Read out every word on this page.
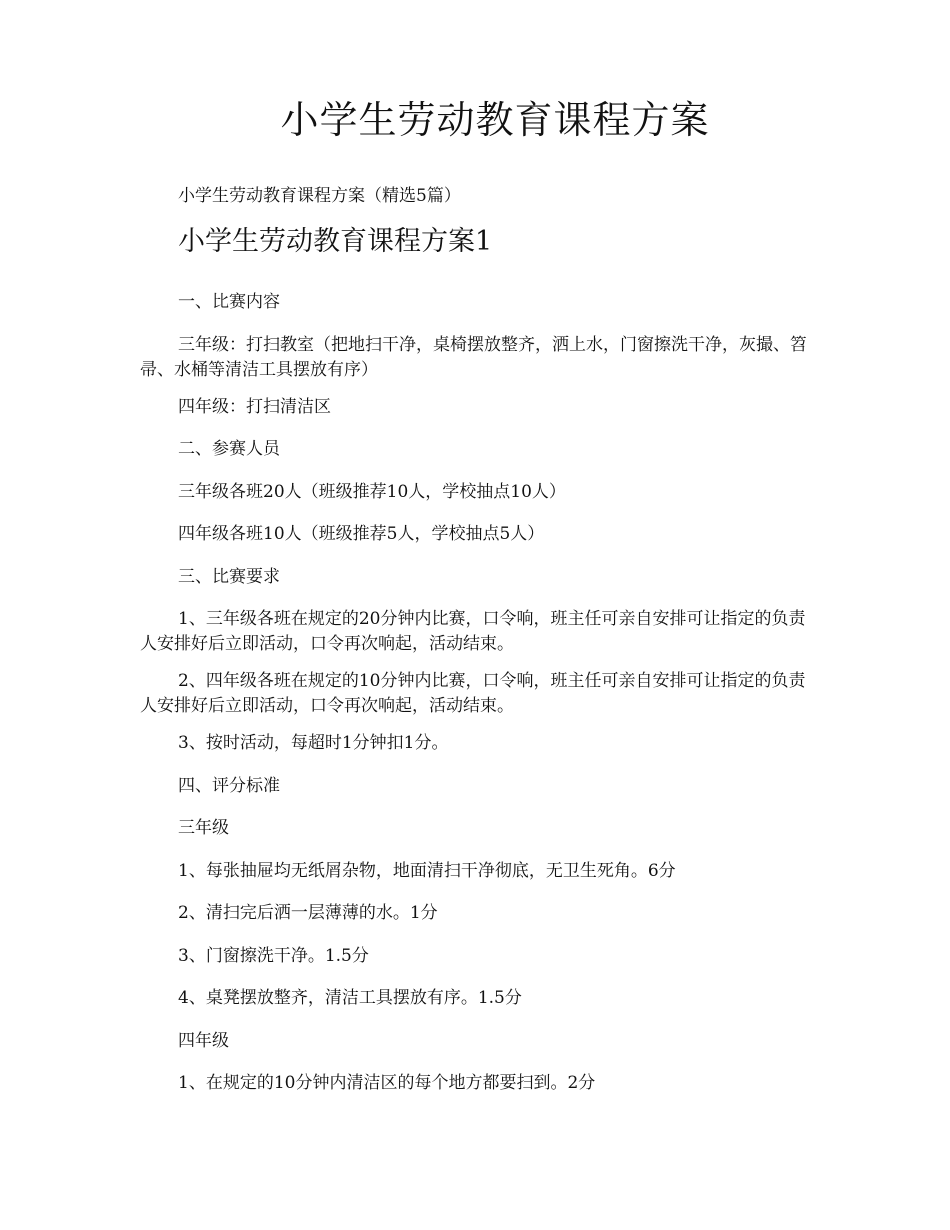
小学生劳动教育课程方案

小学生劳动教育课程方案（精选5篇）

小学生劳动教育课程方案1

一、比赛内容

三年级：打扫教室（把地扫干净，桌椅摆放整齐，洒上水，门窗擦洗干净，灰撮、笤帚、水桶等清洁工具摆放有序）

四年级：打扫清洁区

二、参赛人员

三年级各班20人（班级推荐10人，学校抽点10人）

四年级各班10人（班级推荐5人，学校抽点5人）

三、比赛要求

1、三年级各班在规定的20分钟内比赛，口令响，班主任可亲自安排可让指定的负责人安排好后立即活动，口令再次响起，活动结束。

2、四年级各班在规定的10分钟内比赛，口令响，班主任可亲自安排可让指定的负责人安排好后立即活动，口令再次响起，活动结束。

3、按时活动，每超时1分钟扣1分。

四、评分标准

三年级

1、每张抽屉均无纸屑杂物，地面清扫干净彻底，无卫生死角。6分

2、清扫完后洒一层薄薄的水。1分

3、门窗擦洗干净。1.5分

4、桌凳摆放整齐，清洁工具摆放有序。1.5分

四年级

1、在规定的10分钟内清洁区的每个地方都要扫到。2分
